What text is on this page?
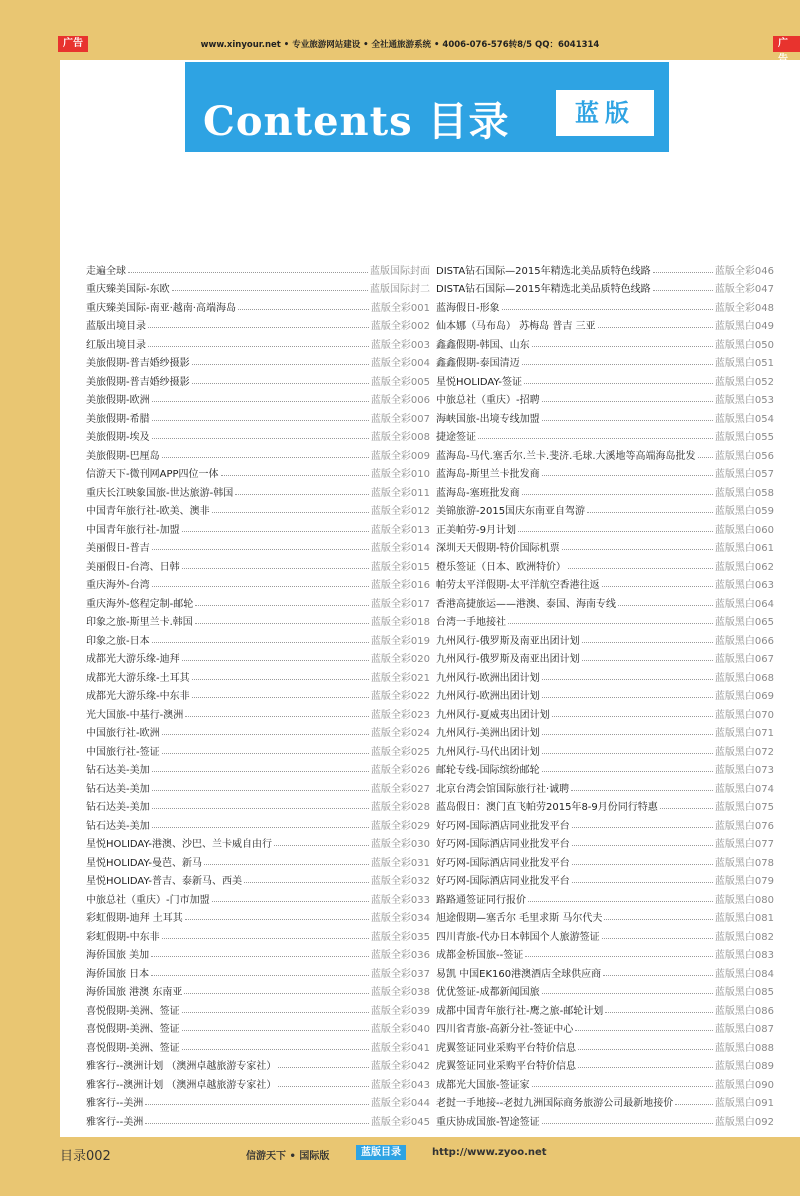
广告	www.xinyour.net • 专业旅游网站建设 • 全社通旅游系统 • 4006-076-576转8/5 QQ：6041314	广
Contents 目录	蓝版
走遍全球	蓝版国际封面
重庆臻美国际-东欧	蓝版国际封二
重庆臻美国际-南亚·越南·高端海岛	蓝版全彩001
蓝版出境目录	蓝版全彩002
红版出境目录	蓝版全彩003
美旅假期-普吉婚纱摄影	蓝版全彩004
美旅假期-普吉婚纱摄影	蓝版全彩005
美旅假期-欧洲	蓝版全彩006
美旅假期-希腊	蓝版全彩007
美旅假期-埃及	蓝版全彩008
美旅假期-巴厘岛	蓝版全彩009
信游天下-微刊网APP四位一体	蓝版全彩010
重庆长江映象国旅-世达旅游-韩国	蓝版全彩011
中国青年旅行社-欧美、澳非	蓝版全彩012
中国青年旅行社-加盟	蓝版全彩013
美丽假日-普吉	蓝版全彩014
美丽假日-台湾、日韩	蓝版全彩015
重庆海外-台湾	蓝版全彩016
重庆海外-悠程定制-邮轮	蓝版全彩017
印象之旅-斯里兰卡.韩国	蓝版全彩018
印象之旅-日本	蓝版全彩019
成都光大游乐缘-迪拜	蓝版全彩020
成都光大游乐缘-土耳其	蓝版全彩021
成都光大游乐缘-中东非	蓝版全彩022
光大国旅-中基行-澳洲	蓝版全彩023
中国旅行社-欧洲	蓝版全彩024
中国旅行社-签证	蓝版全彩025
钻石达美-美加	蓝版全彩026
钻石达美-美加	蓝版全彩027
钻石达美-美加	蓝版全彩028
钻石达美-美加	蓝版全彩029
星悦HOLIDAY-港澳、沙巴、兰卡威自由行	蓝版全彩030
星悦HOLIDAY-曼芭、新马	蓝版全彩031
星悦HOLIDAY-普吉、泰新马、西美	蓝版全彩032
中旅总社（重庆）-门市加盟	蓝版全彩033
彩虹假期-迪拜 土耳其	蓝版全彩034
彩虹假期-中东非	蓝版全彩035
海侨国旅 美加	蓝版全彩036
海侨国旅 日本	蓝版全彩037
海侨国旅 港澳 东南亚	蓝版全彩038
喜悦假期-美洲、签证	蓝版全彩039
喜悦假期-美洲、签证	蓝版全彩040
喜悦假期-美洲、签证	蓝版全彩041
雅客行--澳洲计划 （澳洲卓越旅游专家社）	蓝版全彩042
雅客行--澳洲计划 （澳洲卓越旅游专家社）	蓝版全彩043
雅客行--美洲	蓝版全彩044
雅客行--美洲	蓝版全彩045
DISTA钻石国际—2015年精选北美品质特色线路	蓝版全彩046
DISTA钻石国际—2015年精选北美品质特色线路	蓝版全彩047
蓝海假日-形象	蓝版全彩048
仙本娜（马布岛） 苏梅岛 普吉 三亚	蓝版黑白049
鑫鑫假期-韩国、山东	蓝版黑白050
鑫鑫假期-泰国清迈	蓝版黑白051
星悦HOLIDAY-签证	蓝版黑白052
中旅总社（重庆）-招聘	蓝版黑白053
海峡国旅-出境专线加盟	蓝版黑白054
捷途签证	蓝版黑白055
蓝海岛-马代.塞舌尔.兰卡.斐济.毛球.大溪地等高端海岛批发 蓝版黑白056
蓝海岛-斯里兰卡批发商	蓝版黑白057
蓝海岛-塞班批发商	蓝版黑白058
美锦旅游-2015国庆东南亚自驾游	蓝版黑白059
正美帕劳-9月计划	蓝版黑白060
深圳天天假期-特价国际机票	蓝版黑白061
橙乐签证（日本、欧洲特价）	蓝版黑白062
帕劳太平洋假期-太平洋航空香港往返	蓝版黑白063
香港高捷旅运——港澳、泰国、海南专线	蓝版黑白064
台湾一手地接社	蓝版黑白065
九州风行-俄罗斯及南亚出团计划	蓝版黑白066
九州风行-俄罗斯及南亚出团计划	蓝版黑白067
九州风行-欧洲出团计划	蓝版黑白068
九州风行-欧洲出团计划	蓝版黑白069
九州风行-夏威夷出团计划	蓝版黑白070
九州风行-美洲出团计划	蓝版黑白071
九州风行-马代出团计划	蓝版黑白072
邮轮专线-国际缤纷邮轮	蓝版黑白073
北京台湾会馆国际旅行社·诚聘	蓝版黑白074
蓝岛假日：澳门直飞帕劳2015年8-9月份同行特惠	蓝版黑白075
好巧网-国际酒店同业批发平台	蓝版黑白076
好巧网-国际酒店同业批发平台	蓝版黑白077
好巧网-国际酒店同业批发平台	蓝版黑白078
好巧网-国际酒店同业批发平台	蓝版黑白079
路路通签证同行报价	蓝版黑白080
旭途假期—塞舌尔 毛里求斯 马尔代夫	蓝版黑白081
四川青旅-代办日本韩国个人旅游签证	蓝版黑白082
成都金桥国旅--签证	蓝版黑白083
易凯 中国EK160港澳酒店全球供应商	蓝版黑白084
优优签证-成都新闻国旅	蓝版黑白085
成都中国青年旅行社-鹰之旅-邮轮计划	蓝版黑白086
四川省青旅-高新分社-签证中心	蓝版黑白087
虎翼签证同业采购平台特价信息	蓝版黑白088
虎翼签证同业采购平台特价信息	蓝版黑白089
成都光大国旅-签证家	蓝版黑白090
老挝一手地接--老挝九洲国际商务旅游公司最新地接价	蓝版黑白091
重庆协成国旅-智途签证	蓝版黑白092
目录002	信游天下 • 国际版	蓝版目录	http://www.zyoo.net
